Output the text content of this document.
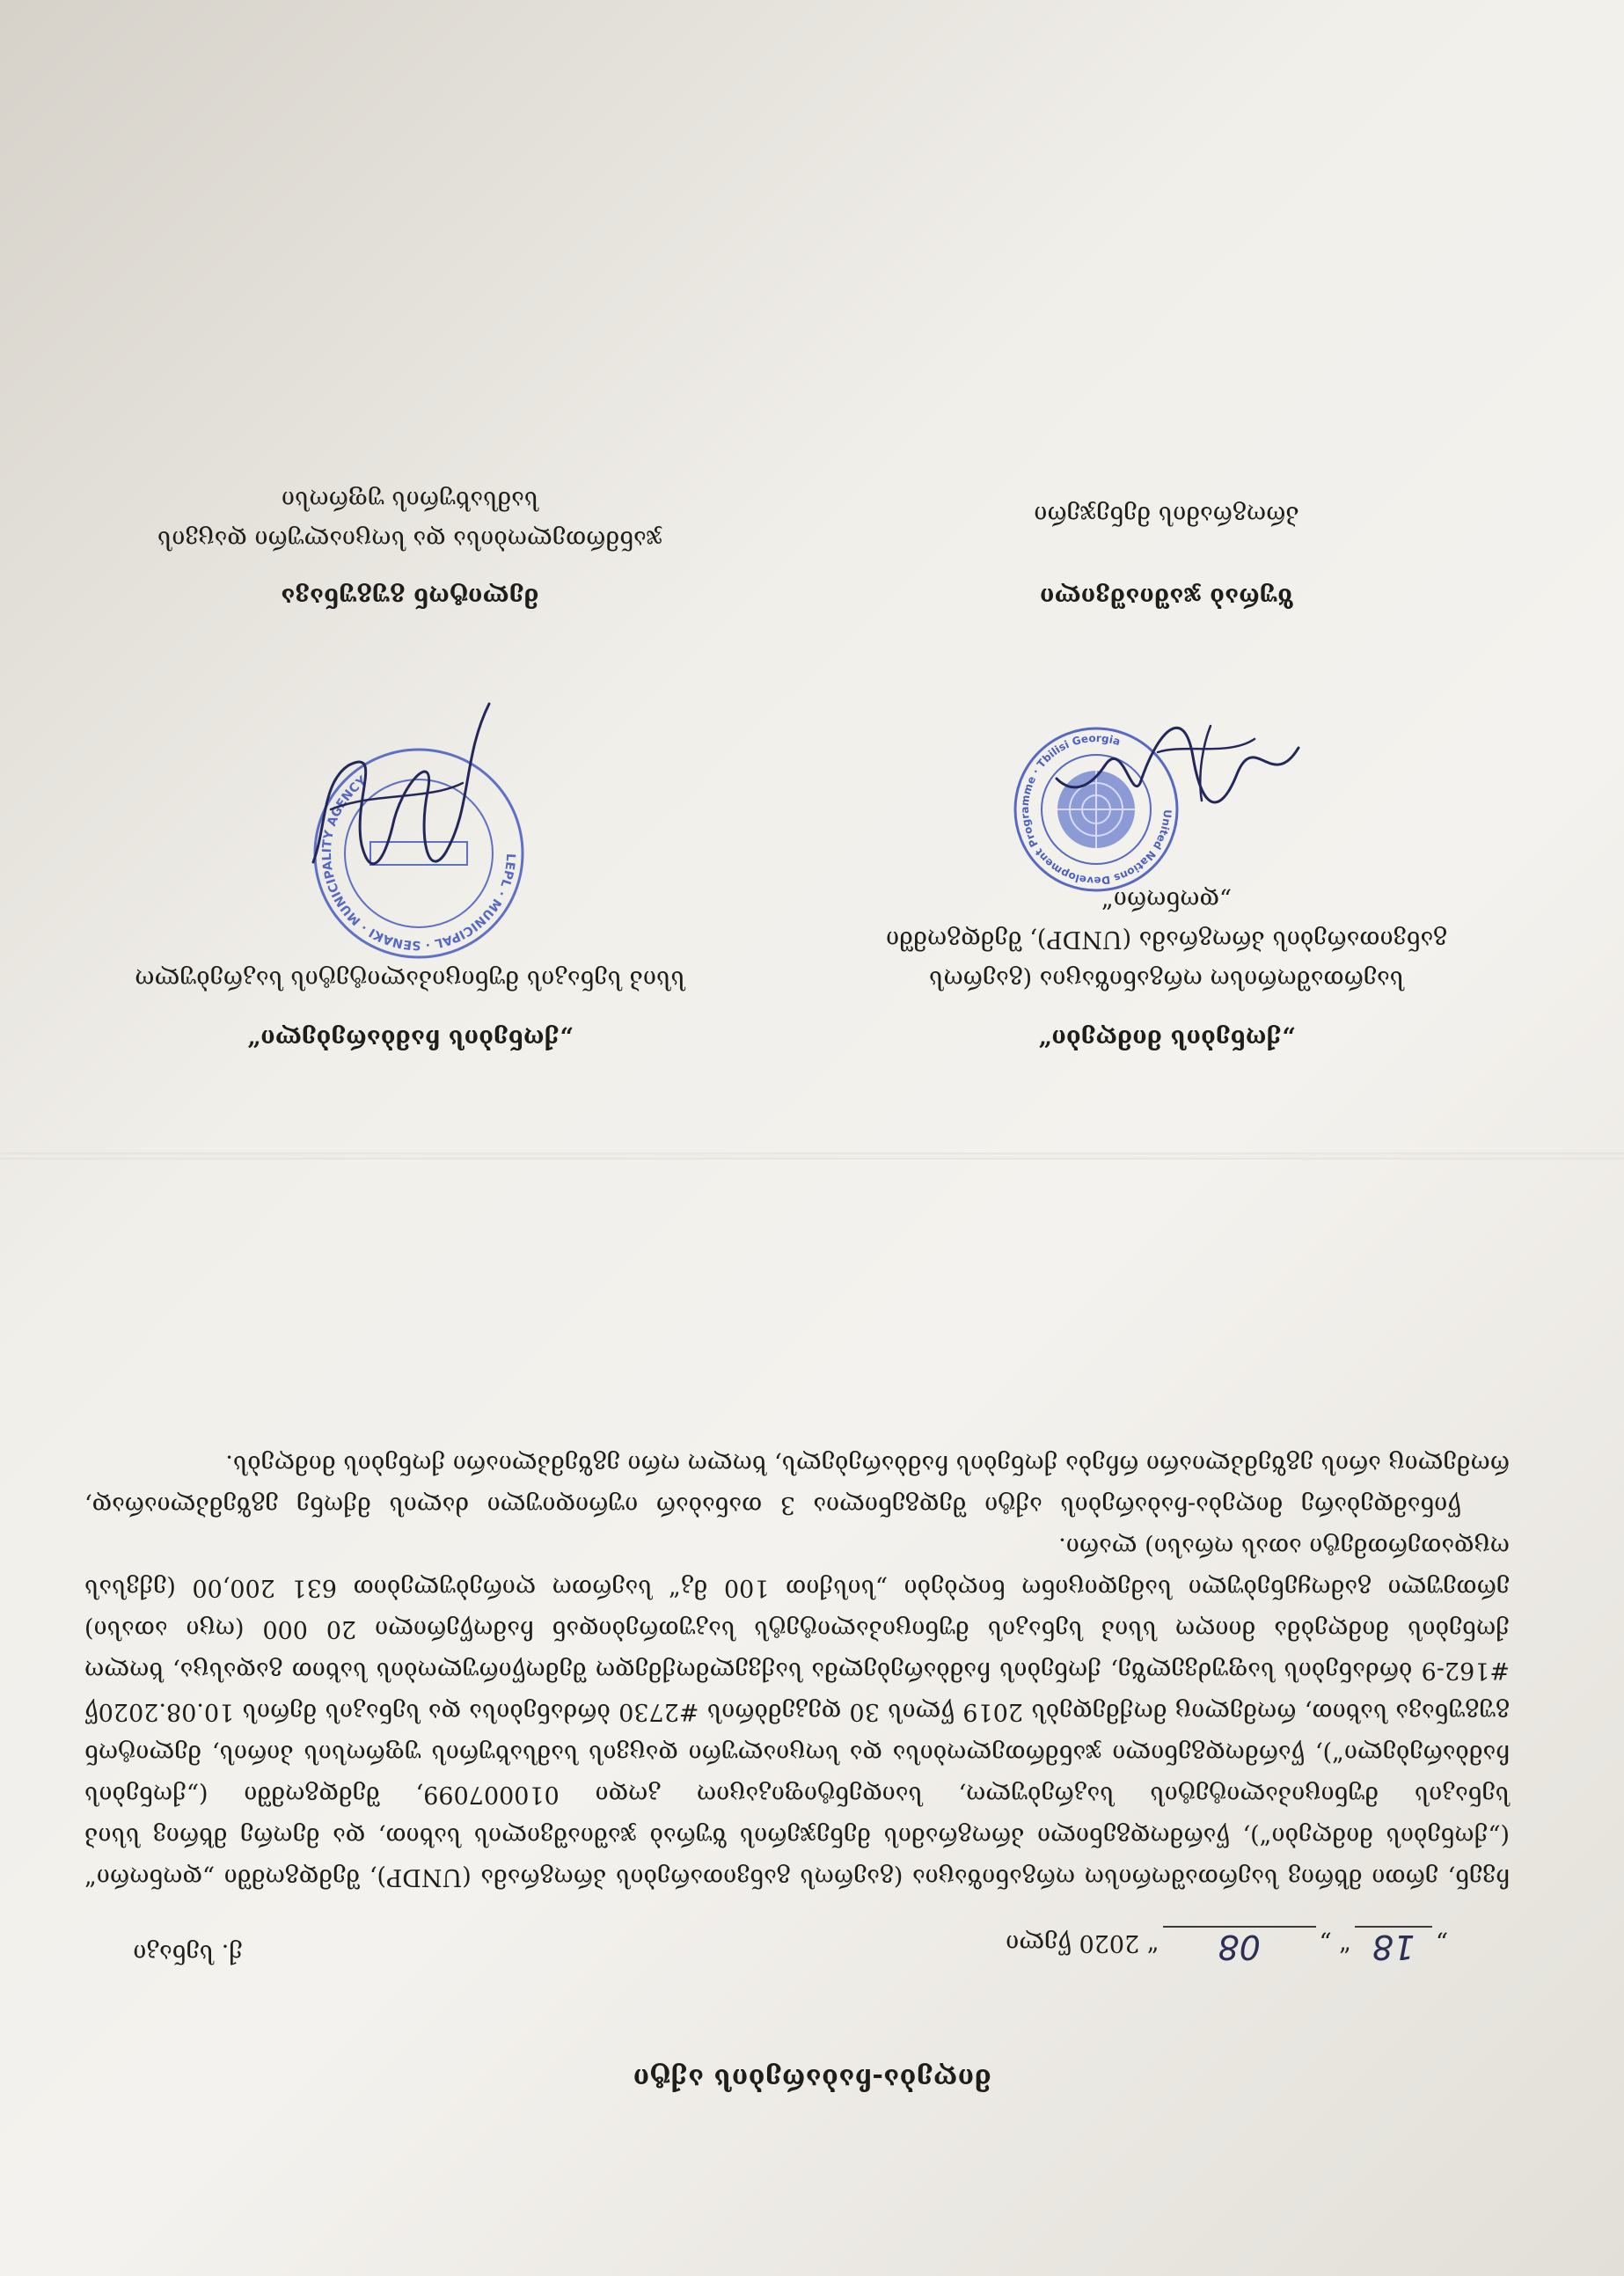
მიღება-ჩაბარების აქტი
ქ. სენაკი	„18“ „08“ 2020 წელი

ჩვენ, ერთი მხრივ საერთაშორისო ორგანიზაცია (გაეროს განვითარების პროგრამა (UNDP), შემდგომში „დონორი“ („ქონების მიმღები“), წარმოდგენილი პროგრამის მენეჯერის ზურაბ ჯაშიაშვილის სახით, და მეორე მხრივ სსიპ სენაკის მუნიციპალიტეტის საკრებულო, საიდენტიფიკაციო კოდი 010007099, შემდგომში („ქონების ჩამბარებელი“), წარმოდგენილი ჯანმრთელობისა და სოციალური დაცვის სამსახურის უფროსის პირის, მელიტონ გუგუნავა სახით, რომელიც მოქმედებს 2019 წლის 30 დეკემბრის #2730 ბრძანებისა და სენაკის მერის 10.08.2020წ #162-9 ბრძანების საფუძველზე, ქონების ჩამბარებელმა საქველმოქმედო შემოწირულობის სახით გადასცა, ხოლო ქონების მიმღებმა მიიღო სსიპ სენაკის მუნიციპალიტეტს საკუთრებიდან ჩამოწერილი 20 000 (ოცი ათასი) ერთეული გამოყენებული სამედიცინო ნიღბები „სისქით 100 მკ“ საერთო ღირებულებით 631 200,00 (ექვსას ოცდათერთმეტი ათას ორასი) ლარი.

წინამდებარე მიღება-ჩაბარების აქტი შედგენილია 3 თანაბარ იურიდიული ძალის მქონე ეგზემპლიარად, რომელიც არის ეგზემპლიარი რჩება ქონების ჩამბარებელს, ხოლო ორი ეგზემპლიარი ქონების მიმღებს.

„ქონების მიმღები“
საერთაშორისო ორგანიზაცია (გაეროს
განვითარების პროგრამა (UNDP), შემდგომში
„დონორი“
United Nations Development Programme · Tbilisi Georgia
ზურაბ ჯაშიაშვილი
პროგრამის მენეჯერი
„ქონების ჩამბარებელი“
სსიპ სენაკის მუნიციპალიტეტის საკრებულო
LEPL · MUNICIPAL · SENAKI · MUNICIPALITY AGENCY
მელიტონ გუგუნავა
ჯანმრთელობისა და სოციალური დაცვის
სამსახურის უფროსი
